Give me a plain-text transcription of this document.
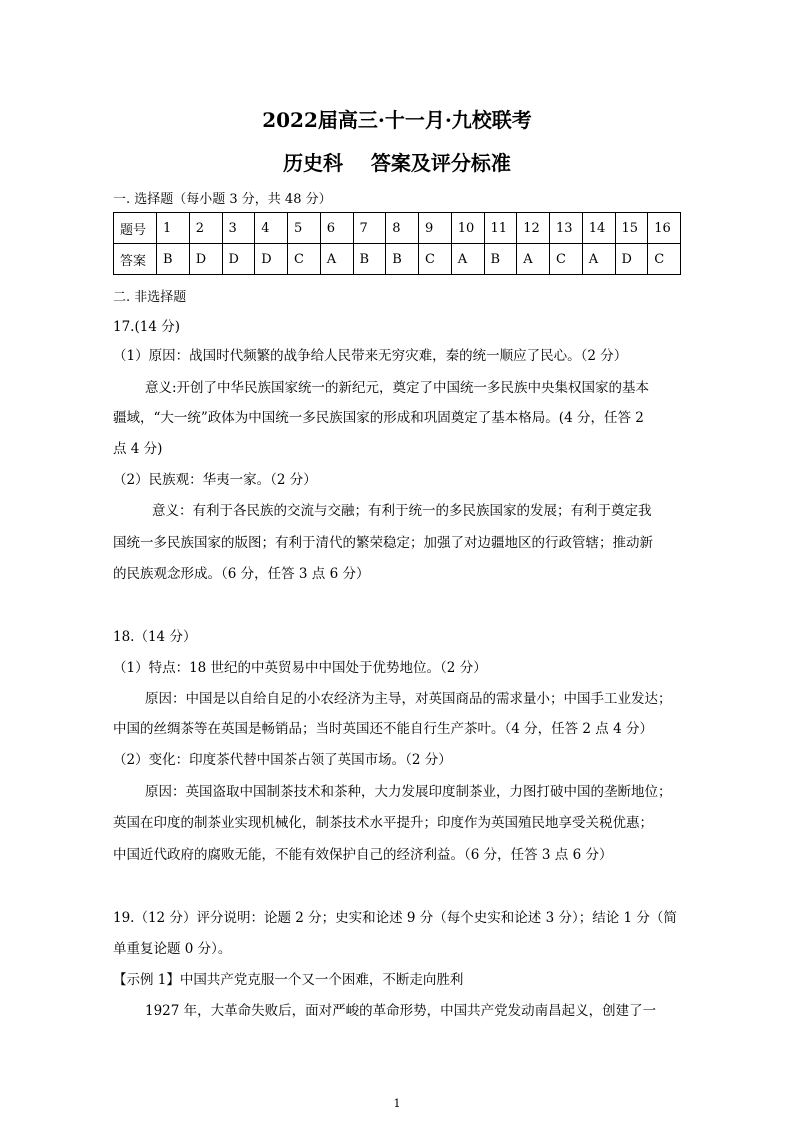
2022届高三·十一月·九校联考
历史科    答案及评分标准
一. 选择题（每小题 3 分，共 48 分）
题号	1	2	3	4	5	6	7	8	9	10	11	12	13	14	15	16
答案	B	D	D	D	C	A	B	B	C	A	B	A	C	A	D	C
二. 非选择题
17.(14 分)
（1）原因：战国时代频繁的战争给人民带来无穷灾难，秦的统一顺应了民心。（2 分）
意义:开创了中华民族国家统一的新纪元，奠定了中国统一多民族中央集权国家的基本
疆域，“大一统”政体为中国统一多民族国家的形成和巩固奠定了基本格局。(4 分，任答 2
点 4 分)
（2）民族观：华夷一家。（2 分）
意义：有利于各民族的交流与交融；有利于统一的多民族国家的发展；有利于奠定我
国统一多民族国家的版图；有利于清代的繁荣稳定；加强了对边疆地区的行政管辖；推动新
的民族观念形成。（6 分，任答 3 点 6 分）
18.（14 分）
（1）特点：18 世纪的中英贸易中中国处于优势地位。（2 分）
原因：中国是以自给自足的小农经济为主导，对英国商品的需求量小；中国手工业发达；
中国的丝绸茶等在英国是畅销品；当时英国还不能自行生产茶叶。（4 分，任答 2 点 4 分）
（2）变化：印度茶代替中国茶占领了英国市场。（2 分）
原因：英国盗取中国制茶技术和茶种，大力发展印度制茶业，力图打破中国的垄断地位；
英国在印度的制茶业实现机械化，制茶技术水平提升；印度作为英国殖民地享受关税优惠；
中国近代政府的腐败无能，不能有效保护自己的经济利益。（6 分，任答 3 点 6 分）
19.（12 分）评分说明：论题 2 分；史实和论述 9 分（每个史实和论述 3 分）；结论 1 分（简
单重复论题 0 分）。
【示例 1】中国共产党克服一个又一个困难，不断走向胜利
1927 年，大革命失败后，面对严峻的革命形势，中国共产党发动南昌起义，创建了一
1
